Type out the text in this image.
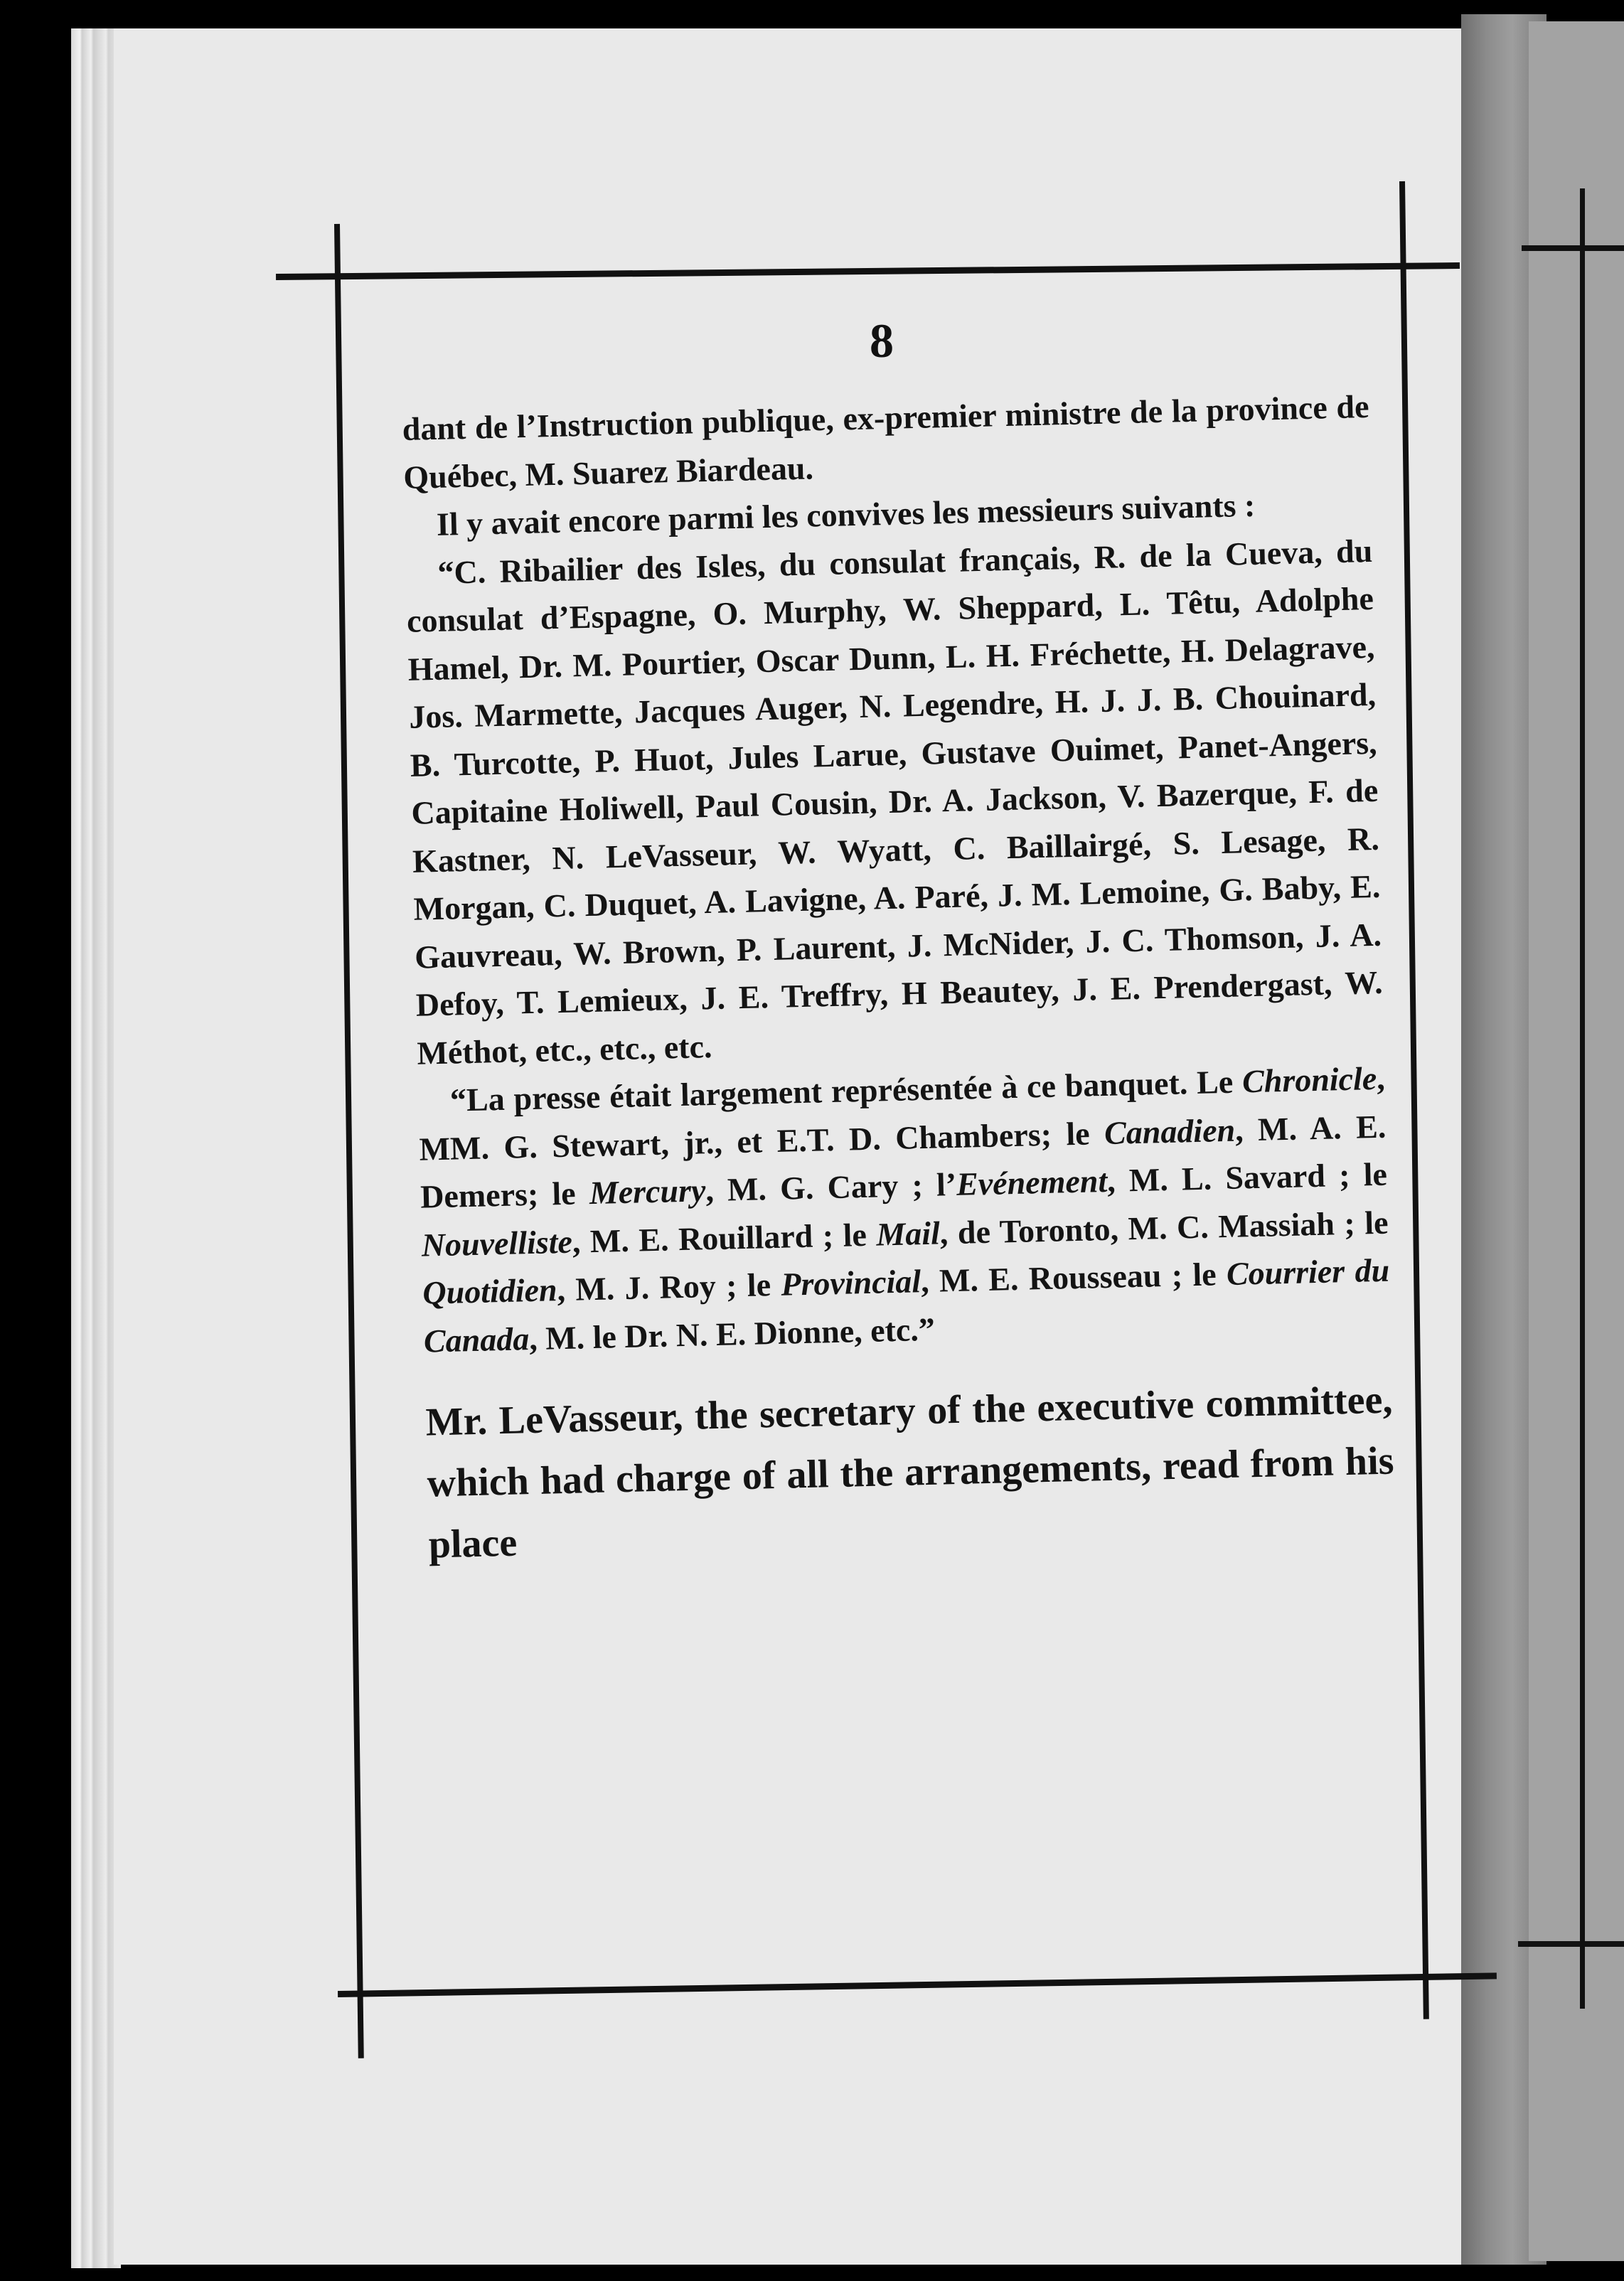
8

dant de l’Instruction publique, ex-premier ministre de la province de Québec, M. Suarez Biardeau.

Il y avait encore parmi les convives les messieurs suivants :

“C. Ribailier des Isles, du consulat français, R. de la Cueva, du consulat d’Espagne, O. Murphy, W. Sheppard, L. Têtu, Adolphe Hamel, Dr. M. Pourtier, Oscar Dunn, L. H. Fréchette, H. Delagrave, Jos. Marmette, Jacques Auger, N. Legendre, H. J. J. B. Chouinard, B. Turcotte, P. Huot, Jules Larue, Gustave Ouimet, Panet-Angers, Capitaine Holiwell, Paul Cousin, Dr. A. Jackson, V. Bazerque, F. de Kastner, N. LeVasseur, W. Wyatt, C. Baillairgé, S. Lesage, R. Morgan, C. Duquet, A. Lavigne, A. Paré, J. M. Lemoine, G. Baby, E. Gauvreau, W. Brown, P. Laurent, J. McNider, J. C. Thomson, J. A. Defoy, T. Lemieux, J. E. Treffry, H Beautey, J. E. Prendergast, W. Méthot, etc., etc., etc.

“La presse était largement représentée à ce banquet. Le Chronicle, MM. G. Stewart, jr., et E.T. D. Chambers; le Canadien, M. A. E. Demers; le Mercury, M. G. Cary ; l’Evénement, M. L. Savard ; le Nouvelliste, M. E. Rouillard ; le Mail, de Toronto, M. C. Massiah ; le Quotidien, M. J. Roy ; le Provincial, M. E. Rousseau ; le Courrier du Canada, M. le Dr. N. E. Dionne, etc.”

Mr. LeVasseur, the secretary of the executive committee, which had charge of all the arrangements, read from his place
